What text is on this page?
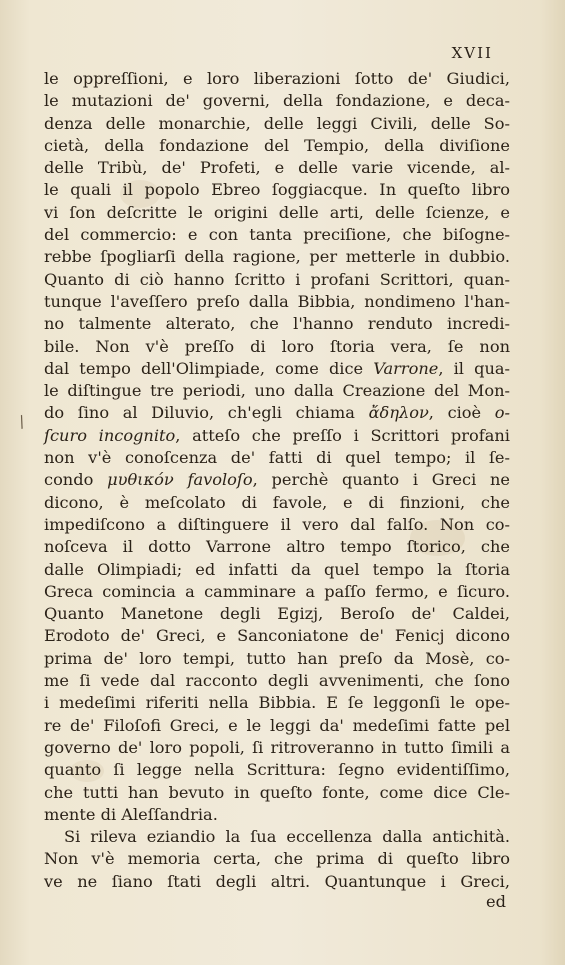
XVII
/
le oppreſſioni, e loro liberazioni ſotto de' Giudici,
le mutazioni de' governi, della fondazione, e deca-
denza delle monarchie, delle leggi Civili, delle So-
cietà, della fondazione del Tempio, della diviſione
delle Tribù, de' Profeti, e delle varie vicende, al-
le quali il popolo Ebreo ſoggiacque. In queſto libro
vi ſon deſcritte le origini delle arti, delle ſcienze, e
del commercio: e con tanta preciſione, che biſogne-
rebbe ſpogliarſi della ragione, per metterle in dubbio.
Quanto di ciò hanno ſcritto i profani Scrittori, quan-
tunque l'aveſſero preſo dalla Bibbia, nondimeno l'han-
no talmente alterato, che l'hanno renduto incredi-
bile. Non v'è preſſo di loro ſtoria vera, ſe non
dal tempo dell'Olimpiade, come dice Varrone, il qua-
le diſtingue tre periodi, uno dalla Creazione del Mon-
do ſino al Diluvio, ch'egli chiama ἄδηλον, cioè o-
ſcuro incognito, atteſo che preſſo i Scrittori profani
non v'è conoſcenza de' fatti di quel tempo; il ſe-
condo μυθικόν favoloſo, perchè quanto i Greci ne
dicono, è meſcolato di favole, e di finzioni, che
impediſcono a diſtinguere il vero dal falſo. Non co-
noſceva il dotto Varrone altro tempo ſtorico, che
dalle Olimpiadi; ed infatti da quel tempo la ſtoria
Greca comincia a camminare a paſſo fermo, e ſicuro.
Quanto Manetone degli Egizj, Beroſo de' Caldei,
Erodoto de' Greci, e Sanconiatone de' Fenicj dicono
prima de' loro tempi, tutto han preſo da Mosè, co-
me ſi vede dal racconto degli avvenimenti, che ſono
i medeſimi riferiti nella Bibbia. E ſe leggonſi le ope-
re de' Filoſofi Greci, e le leggi da' medeſimi fatte pel
governo de' loro popoli, ſi ritroveranno in tutto ſimili a
quanto ſi legge nella Scrittura: ſegno evidentiſſimo,
che tutti han bevuto in queſto fonte, come dice Cle-
mente di Aleſſandria.
Si rileva eziandio la ſua eccellenza dalla antichità.
Non v'è memoria certa, che prima di queſto libro
ve ne ſiano ſtati degli altri. Quantunque i Greci,
ed
